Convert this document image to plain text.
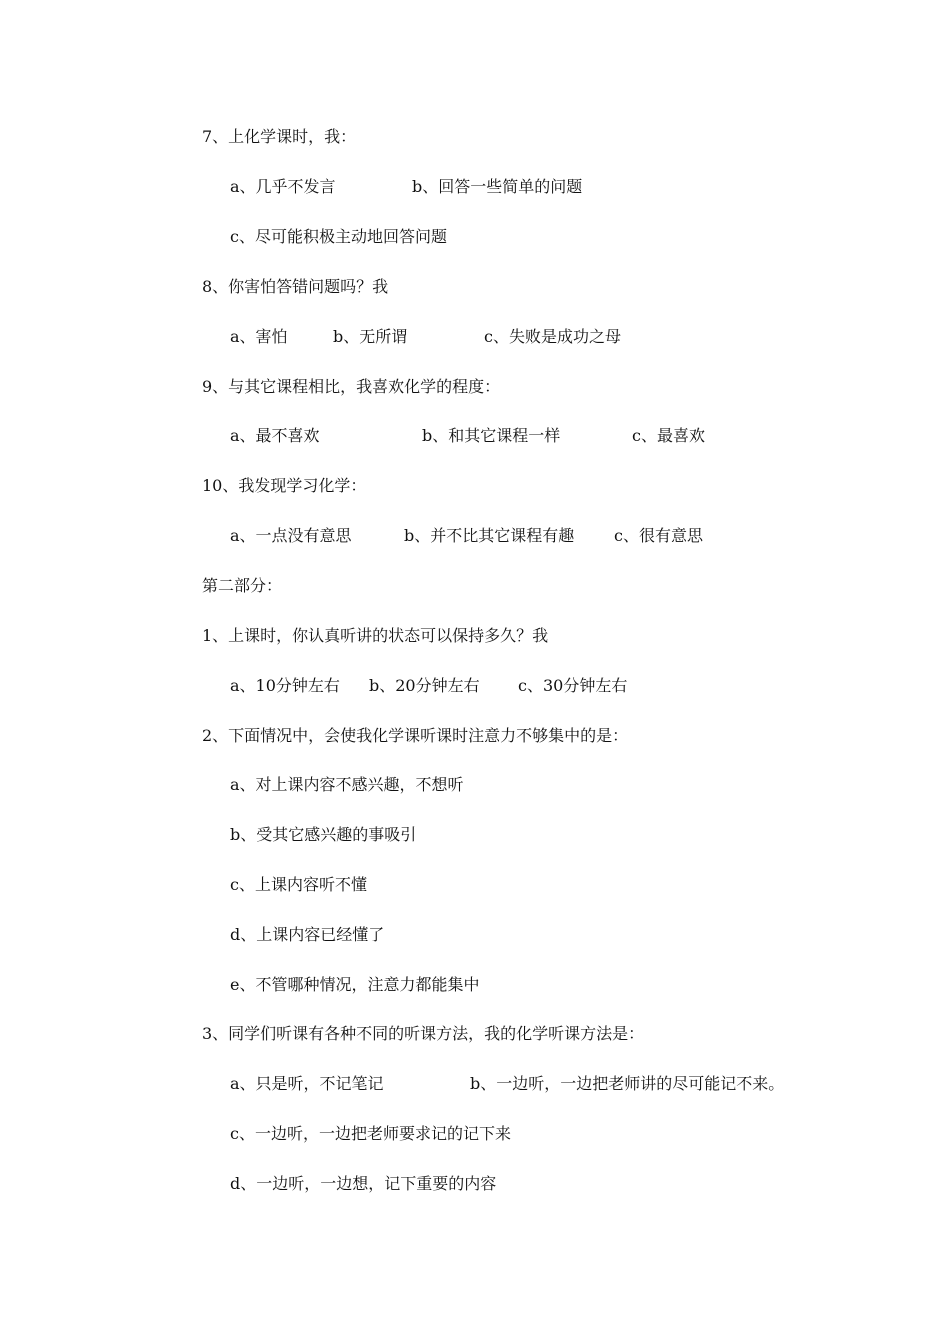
7、上化学课时，我：
a、几乎不发言	b、回答一些简单的问题
c、尽可能积极主动地回答问题
8、你害怕答错问题吗？我
a、害怕	b、无所谓	c、失败是成功之母
9、与其它课程相比，我喜欢化学的程度：
a、最不喜欢	b、和其它课程一样	c、最喜欢
10、我发现学习化学：
a、一点没有意思	b、并不比其它课程有趣 c、很有意思
第二部分：
1、上课时，你认真听讲的状态可以保持多久？我
a、10分钟左右 b、20分钟左右 c、30分钟左右
2、下面情况中，会使我化学课听课时注意力不够集中的是：
a、对上课内容不感兴趣，不想听
b、受其它感兴趣的事吸引
c、上课内容听不懂
d、上课内容已经懂了
e、不管哪种情况，注意力都能集中
3、同学们听课有各种不同的听课方法，我的化学听课方法是：
a、只是听，不记笔记	b、一边听，一边把老师讲的尽可能记不来。
c、一边听，一边把老师要求记的记下来
d、一边听，一边想，记下重要的内容
